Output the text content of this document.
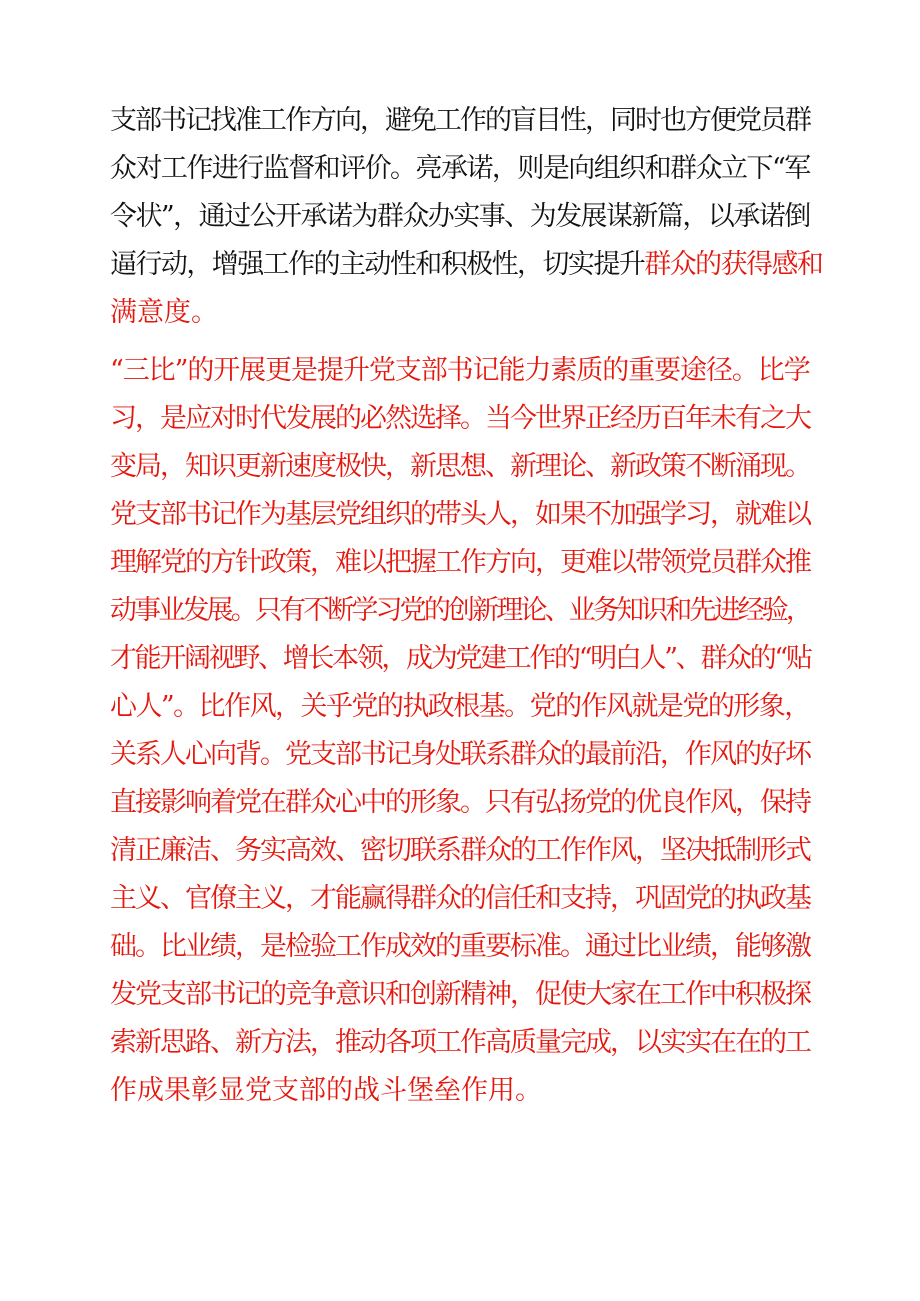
支部书记找准工作方向，避免工作的盲目性，同时也方便党员群
众对工作进行监督和评价。亮承诺，则是向组织和群众立下“军
令状”，通过公开承诺为群众办实事、为发展谋新篇，以承诺倒
逼行动，增强工作的主动性和积极性，切实提升群众的获得感和
满意度。
“三比”的开展更是提升党支部书记能力素质的重要途径。比学
习，是应对时代发展的必然选择。当今世界正经历百年未有之大
变局，知识更新速度极快，新思想、新理论、新政策不断涌现。
党支部书记作为基层党组织的带头人，如果不加强学习，就难以
理解党的方针政策，难以把握工作方向，更难以带领党员群众推
动事业发展。只有不断学习党的创新理论、业务知识和先进经验，
才能开阔视野、增长本领，成为党建工作的“明白人”、群众的“贴
心人”。比作风，关乎党的执政根基。党的作风就是党的形象，
关系人心向背。党支部书记身处联系群众的最前沿，作风的好坏
直接影响着党在群众心中的形象。只有弘扬党的优良作风，保持
清正廉洁、务实高效、密切联系群众的工作作风，坚决抵制形式
主义、官僚主义，才能赢得群众的信任和支持，巩固党的执政基
础。比业绩，是检验工作成效的重要标准。通过比业绩，能够激
发党支部书记的竞争意识和创新精神，促使大家在工作中积极探
索新思路、新方法，推动各项工作高质量完成，以实实在在的工
作成果彰显党支部的战斗堡垒作用。
